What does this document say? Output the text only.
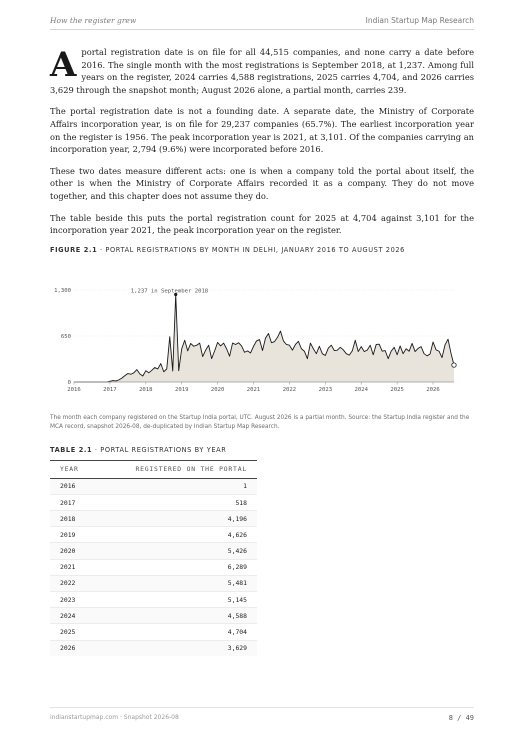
How the register grew	Indian Startup Map Research

Aportal registration date is on file for all 44,515 companies, and none carry a date before 2016. The single month with the most registrations is September 2018, at 1,237. Among full years on the register, 2024 carries 4,588 registrations, 2025 carries 4,704, and 2026 carries 3,629 through the snapshot month; August 2026 alone, a partial month, carries 239.

The portal registration date is not a founding date. A separate date, the Ministry of Corporate Affairs incorporation year, is on file for 29,237 companies (65.7%). The earliest incorporation year on the register is 1956. The peak incorporation year is 2021, at 3,101. Of the companies carrying an incorporation year, 2,794 (9.6%) were incorporated before 2016.

These two dates measure different acts: one is when a company told the portal about itself, the other is when the Ministry of Corporate Affairs recorded it as a company. They do not move together, and this chapter does not assume they do.

The table beside this puts the portal registration count for 2025 at 4,704 against 3,101 for the incorporation year 2021, the peak incorporation year on the register.

FIGURE 2.1 · PORTAL REGISTRATIONS BY MONTH IN DELHI, JANUARY 2016 TO AUGUST 2026
0
650
1,300
2016	2017	2018	2019	2020	2021	2022	2023	2024	2025	2026
1,237 in September 2018
The month each company registered on the Startup India portal, UTC. August 2026 is a partial month. Source: the Startup India register and the MCA record, snapshot 2026-08, de-duplicated by Indian Startup Map Research.
TABLE 2.1 · PORTAL REGISTRATIONS BY YEAR
YEAR	REGISTERED ON THE PORTAL
2016	1
2017	518
2018	4,196
2019	4,626
2020	5,426
2021	6,289
2022	5,481
2023	5,145
2024	4,588
2025	4,704
2026	3,629
indianstartupmap.com · Snapshot 2026-08	8 / 49
